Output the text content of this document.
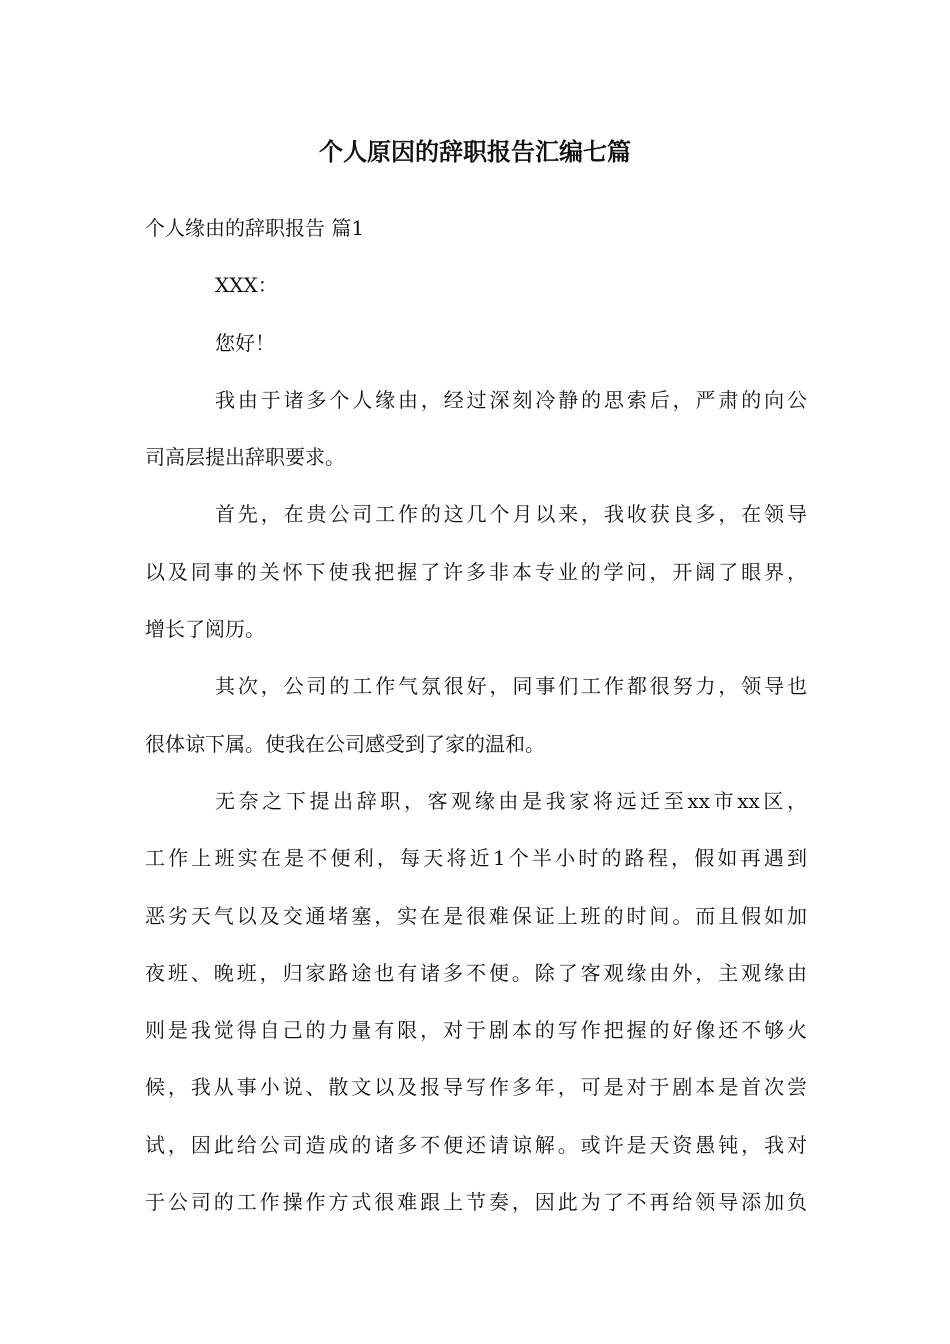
个人原因的辞职报告汇编七篇

个人缘由的辞职报告 篇1

XXX：

您好！

我由于诸多个人缘由，经过深刻冷静的思索后，严肃的向公

司高层提出辞职要求。

首先，在贵公司工作的这几个月以来，我收获良多，在领导

以及同事的关怀下使我把握了许多非本专业的学问，开阔了眼界，

增长了阅历。

其次，公司的工作气氛很好，同事们工作都很努力，领导也

很体谅下属。使我在公司感受到了家的温和。

无奈之下提出辞职，客观缘由是我家将远迁至xx市xx区，

工作上班实在是不便利，每天将近1个半小时的路程，假如再遇到

恶劣天气以及交通堵塞，实在是很难保证上班的时间。而且假如加

夜班、晚班，归家路途也有诸多不便。除了客观缘由外，主观缘由

则是我觉得自己的力量有限，对于剧本的写作把握的好像还不够火

候，我从事小说、散文以及报导写作多年，可是对于剧本是首次尝

试，因此给公司造成的诸多不便还请谅解。或许是天资愚钝，我对

于公司的工作操作方式很难跟上节奏，因此为了不再给领导添加负
